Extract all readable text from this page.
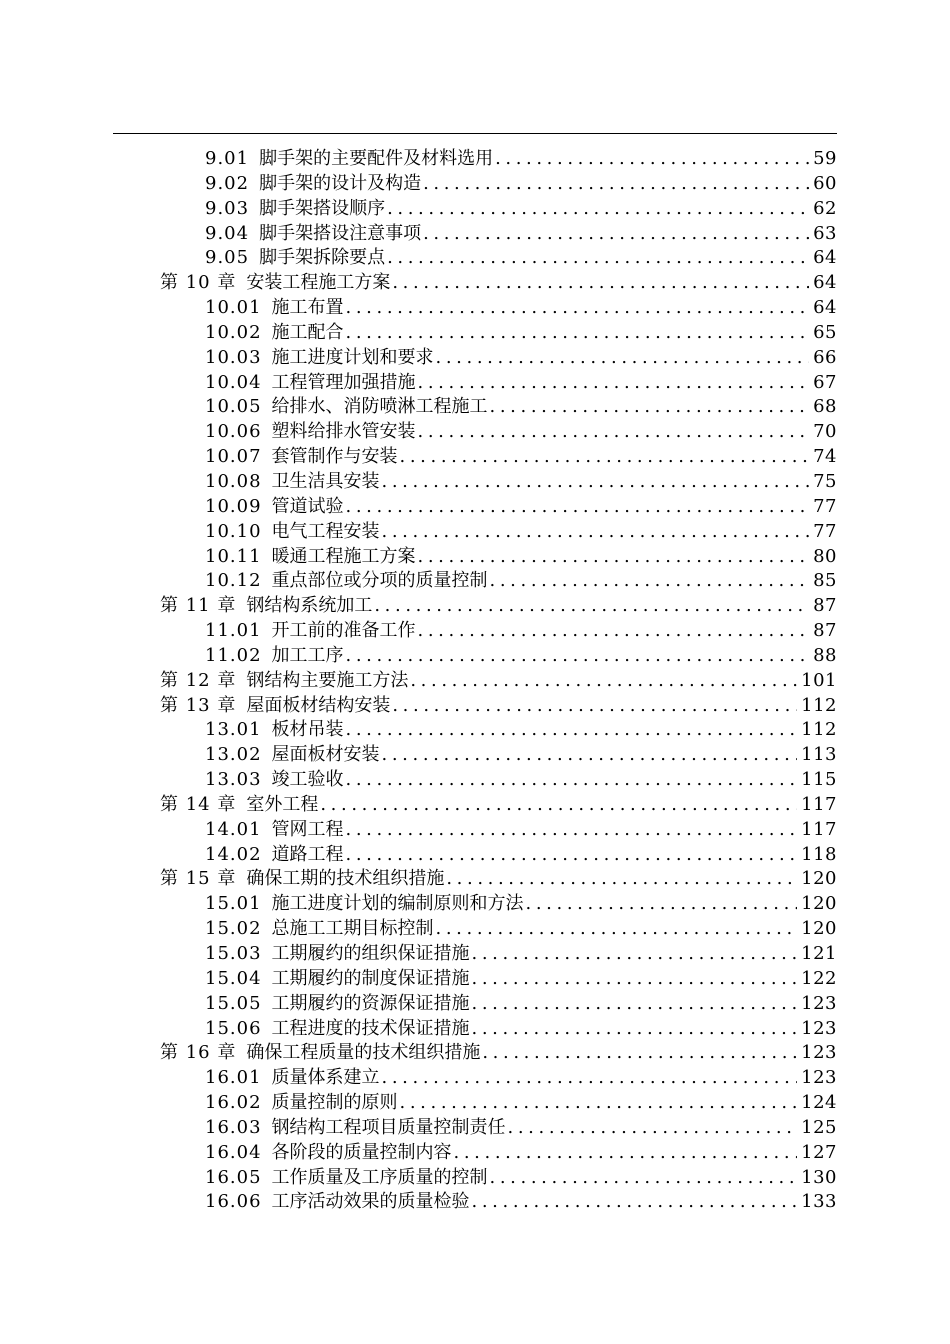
9.01 脚手架的主要配件及材料选用 .....	59
9.02 脚手架的设计及构造 .....	60
9.03 脚手架搭设顺序 .....	62
9.04 脚手架搭设注意事项 .....	63
9.05 脚手架拆除要点 .....	64
第 10 章 安装工程施工方案 .....	64
10.01 施工布置 .....	64
10.02 施工配合 .....	65
10.03 施工进度计划和要求 .....	66
10.04 工程管理加强措施 .....	67
10.05 给排水、消防喷淋工程施工 .....	68
10.06 塑料给排水管安装 .....	70
10.07 套管制作与安装 .....	74
10.08 卫生洁具安装 .....	75
10.09 管道试验 .....	77
10.10 电气工程安装 .....	77
10.11 暖通工程施工方案 .....	80
10.12 重点部位或分项的质量控制 .....	85
第 11 章 钢结构系统加工 .....	87
11.01 开工前的准备工作 .....	87
11.02 加工工序 .....	88
第 12 章 钢结构主要施工方法 .....	101
第 13 章 屋面板材结构安装 .....	112
13.01 板材吊装 .....	112
13.02 屋面板材安装 .....	113
13.03 竣工验收 .....	115
第 14 章 室外工程 .....	117
14.01 管网工程 .....	117
14.02 道路工程 .....	118
第 15 章 确保工期的技术组织措施 .....	120
15.01 施工进度计划的编制原则和方法 .....	120
15.02 总施工工期目标控制 .....	120
15.03 工期履约的组织保证措施 .....	121
15.04 工期履约的制度保证措施 .....	122
15.05 工期履约的资源保证措施 .....	123
15.06 工程进度的技术保证措施 .....	123
第 16 章 确保工程质量的技术组织措施 .....	123
16.01 质量体系建立 .....	123
16.02 质量控制的原则 .....	124
16.03 钢结构工程项目质量控制责任 .....	125
16.04 各阶段的质量控制内容 .....	127
16.05 工作质量及工序质量的控制 .....	130
16.06 工序活动效果的质量检验 .....	133
